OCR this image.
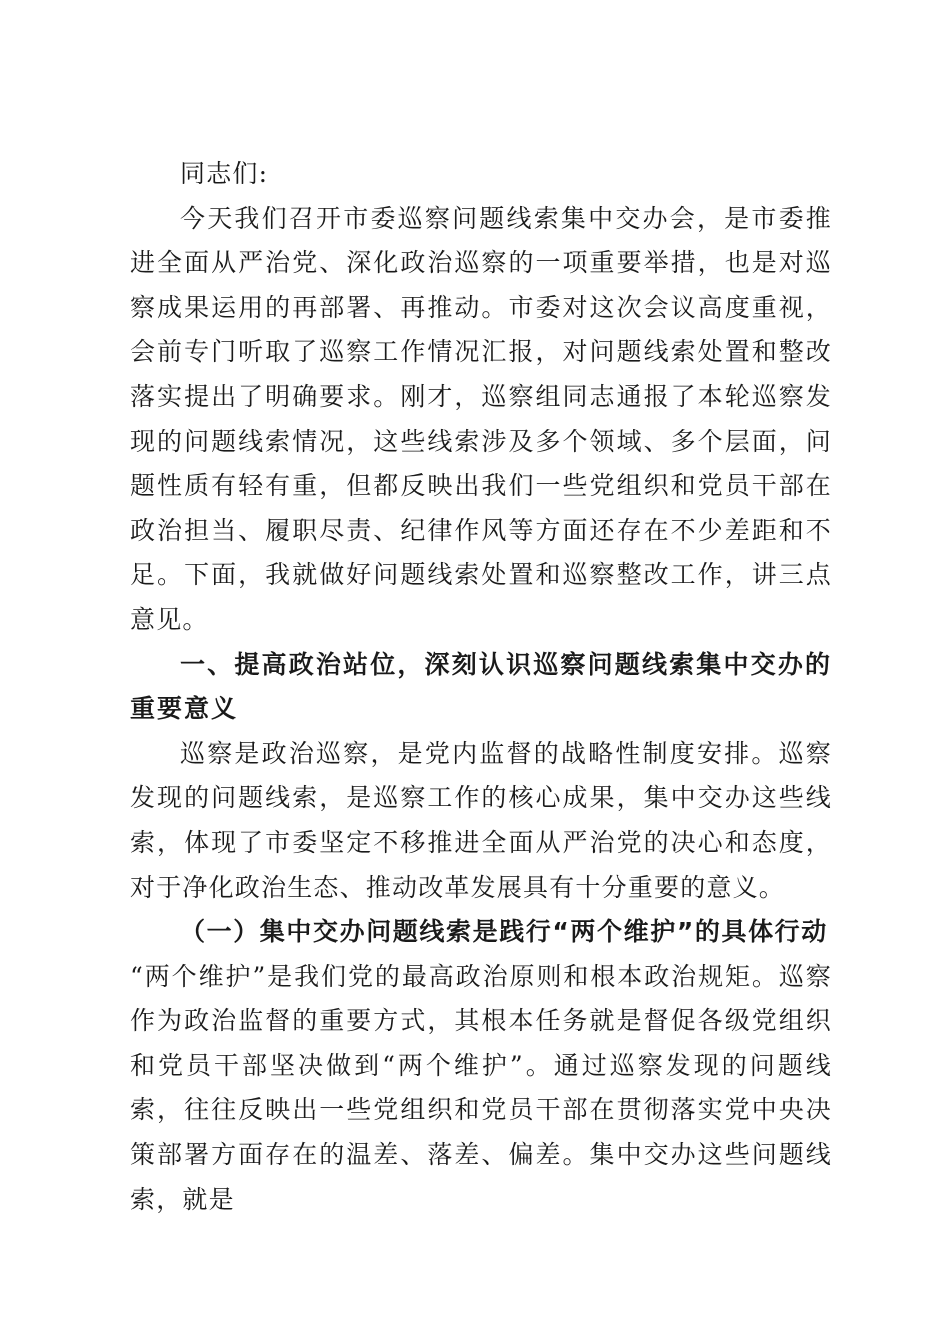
同志们:

今天我们召开市委巡察问题线索集中交办会，是市委推进全面从严治党、深化政治巡察的一项重要举措，也是对巡察成果运用的再部署、再推动。市委对这次会议高度重视，会前专门听取了巡察工作情况汇报，对问题线索处置和整改落实提出了明确要求。刚才，巡察组同志通报了本轮巡察发现的问题线索情况，这些线索涉及多个领域、多个层面，问题性质有轻有重，但都反映出我们一些党组织和党员干部在政治担当、履职尽责、纪律作风等方面还存在不少差距和不足。下面，我就做好问题线索处置和巡察整改工作，讲三点意见。

一、提高政治站位，深刻认识巡察问题线索集中交办的重要意义

巡察是政治巡察，是党内监督的战略性制度安排。巡察发现的问题线索，是巡察工作的核心成果，集中交办这些线索，体现了市委坚定不移推进全面从严治党的决心和态度，对于净化政治生态、推动改革发展具有十分重要的意义。

（一）集中交办问题线索是践行“两个维护”的具体行动

“两个维护”是我们党的最高政治原则和根本政治规矩。巡察作为政治监督的重要方式，其根本任务就是督促各级党组织和党员干部坚决做到“两个维护”。通过巡察发现的问题线索，往往反映出一些党组织和党员干部在贯彻落实党中央决策部署方面存在的温差、落差、偏差。集中交办这些问题线索，就是
